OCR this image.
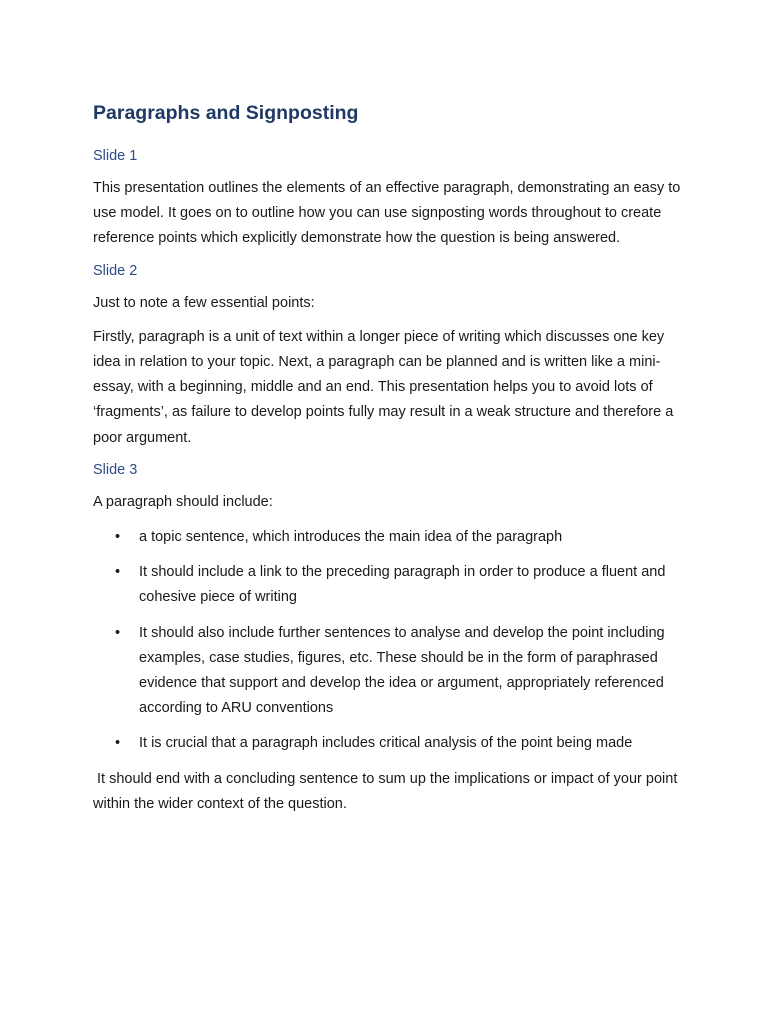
Paragraphs and Signposting
Slide 1

This presentation outlines the elements of an effective paragraph, demonstrating an easy to use model. It goes on to outline how you can use signposting words throughout to create reference points which explicitly demonstrate how the question is being answered.

Slide 2

Just to note a few essential points:

Firstly, paragraph is a unit of text within a longer piece of writing which discusses one key idea in relation to your topic. Next, a paragraph can be planned and is written like a mini-essay, with a beginning, middle and an end. This presentation helps you to avoid lots of ‘fragments’, as failure to develop points fully may result in a weak structure and therefore a poor argument.

Slide 3

A paragraph should include:

• a topic sentence, which introduces the main idea of the paragraph
• It should include a link to the preceding paragraph in order to produce a fluent and cohesive piece of writing
• It should also include further sentences to analyse and develop the point including examples, case studies, figures, etc. These should be in the form of paraphrased evidence that support and develop the idea or argument, appropriately referenced according to ARU conventions
• It is crucial that a paragraph includes critical analysis of the point being made

It should end with a concluding sentence to sum up the implications or impact of your point within the wider context of the question.
